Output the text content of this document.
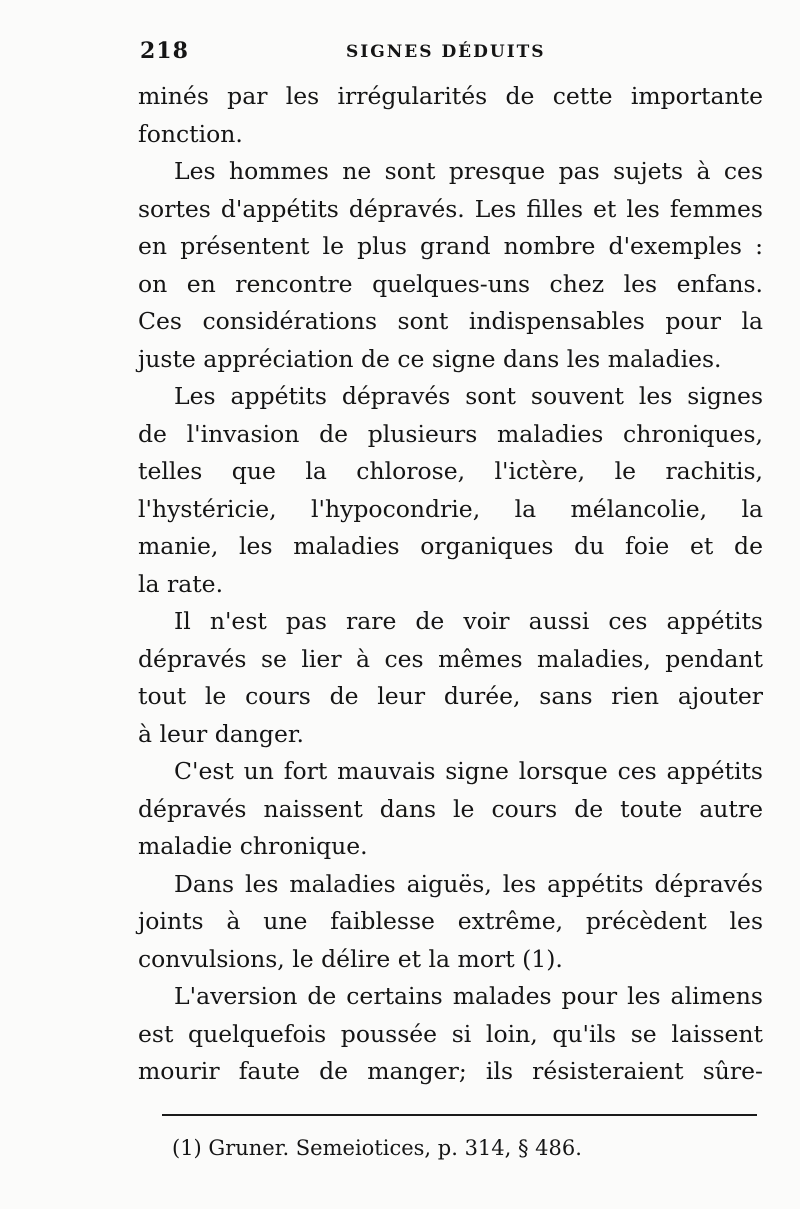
218	SIGNES DÉDUITS
minés par les irrégularités de cette importante
fonction.
Les hommes ne sont presque pas sujets à ces
sortes d'appétits dépravés. Les filles et les femmes
en présentent le plus grand nombre d'exemples :
on en rencontre quelques-uns chez les enfans.
Ces considérations sont indispensables pour la
juste appréciation de ce signe dans les maladies.
Les appétits dépravés sont souvent les signes
de l'invasion de plusieurs maladies chroniques,
telles que la chlorose, l'ictère, le rachitis,
l'hystéricie, l'hypocondrie, la mélancolie, la
manie, les maladies organiques du foie et de
la rate.
Il n'est pas rare de voir aussi ces appétits
dépravés se lier à ces mêmes maladies, pendant
tout le cours de leur durée, sans rien ajouter
à leur danger.
C'est un fort mauvais signe lorsque ces appétits
dépravés naissent dans le cours de toute autre
maladie chronique.
Dans les maladies aiguës, les appétits dépravés
joints à une faiblesse extrême, précèdent les
convulsions, le délire et la mort (1).
L'aversion de certains malades pour les alimens
est quelquefois poussée si loin, qu'ils se laissent
mourir faute de manger; ils résisteraient sûre-
(1) Gruner. Semeiotices, p. 314, § 486.
